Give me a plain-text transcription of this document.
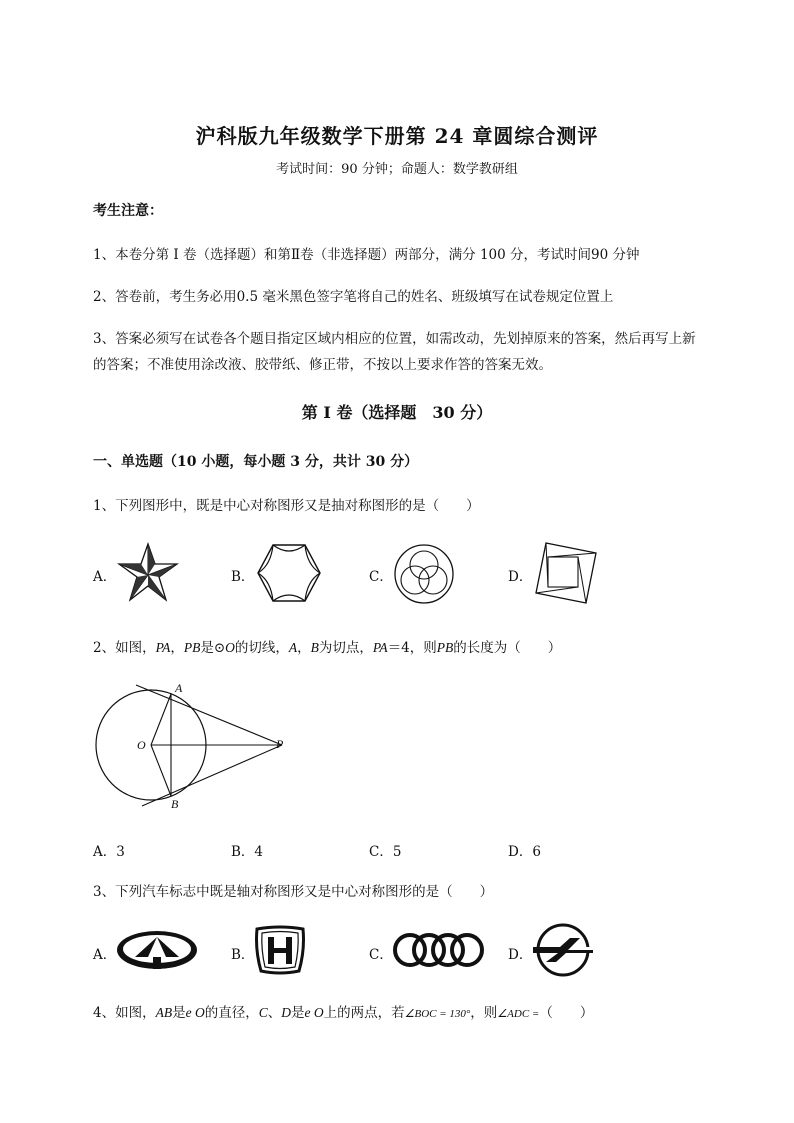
沪科版九年级数学下册第 24 章圆综合测评
考试时间：90 分钟；命题人：数学教研组
考生注意：
1、本卷分第 I 卷（选择题）和第Ⅱ卷（非选择题）两部分，满分 100 分，考试时间90 分钟
2、答卷前，考生务必用0.5 毫米黑色签字笔将自己的姓名、班级填写在试卷规定位置上
3、答案必须写在试卷各个题目指定区域内相应的位置，如需改动，先划掉原来的答案，然后再写上新
的答案；不准使用涂改液、胶带纸、修正带，不按以上要求作答的答案无效。
第 I 卷（选择题　30 分）
一、单选题（10 小题，每小题 3 分，共计 30 分）
1、下列图形中，既是中心对称图形又是抽对称图形的是（　　）
A．	B．	C．	D．
2、如图，PA，PB是⊙O的切线，A，B为切点，PA＝4，则PB的长度为（　　）
A
O	P
B
A．3	B．4	C．5	D．6
3、下列汽车标志中既是轴对称图形又是中心对称图形的是（　　）
A．	B．	C．	D．
4、如图，AB是e O的直径，C、D是e O上的两点，若∠BOC = 130°，则∠ADC =（　　）
